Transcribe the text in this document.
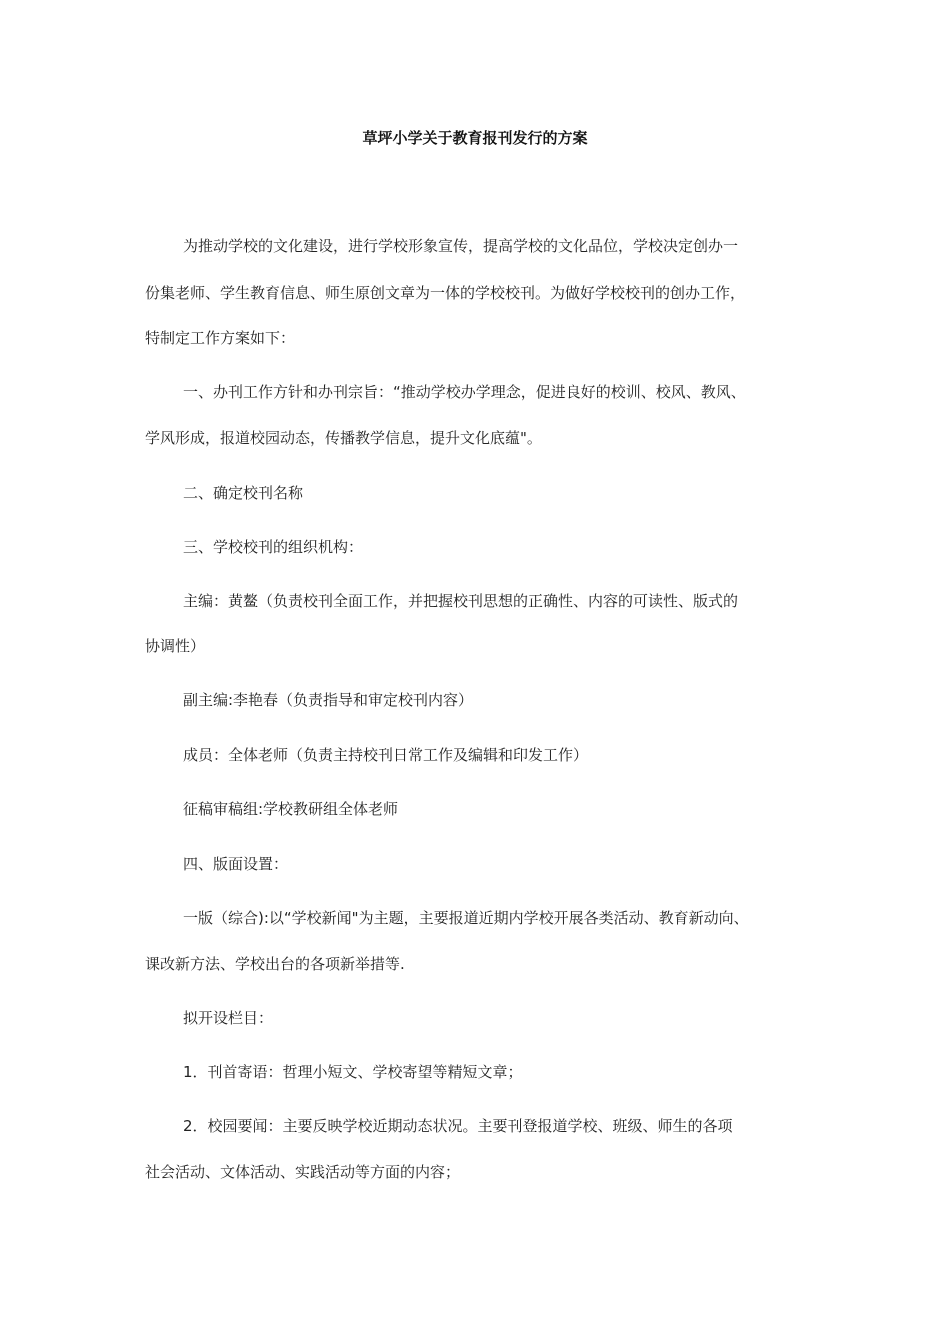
草坪小学关于教育报刊发行的方案
为推动学校的文化建设，进行学校形象宣传，提高学校的文化品位，学校决定创办一
份集老师、学生教育信息、师生原创文章为一体的学校校刊。为做好学校校刊的创办工作，
特制定工作方案如下：
一、办刊工作方针和办刊宗旨：“推动学校办学理念，促进良好的校训、校风、教风、
学风形成，报道校园动态，传播教学信息，提升文化底蕴"。
二、确定校刊名称
三、学校校刊的组织机构：
主编：黄鳌（负责校刊全面工作，并把握校刊思想的正确性、内容的可读性、版式的
协调性）
副主编:李艳春（负责指导和审定校刊内容）
成员：全体老师（负责主持校刊日常工作及编辑和印发工作）
征稿审稿组:学校教研组全体老师
四、版面设置：
一版（综合):以“学校新闻"为主题，主要报道近期内学校开展各类活动、教育新动向、
课改新方法、学校出台的各项新举措等.
拟开设栏目：
1．刊首寄语：哲理小短文、学校寄望等精短文章；
2．校园要闻：主要反映学校近期动态状况。主要刊登报道学校、班级、师生的各项
社会活动、文体活动、实践活动等方面的内容；
